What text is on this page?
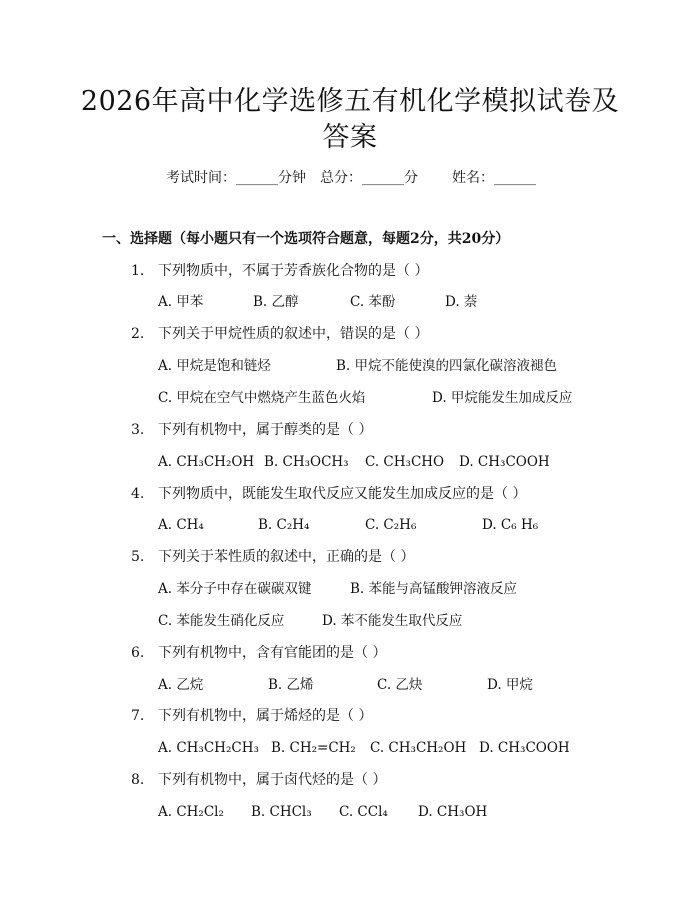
2026年高中化学选修五有机化学模拟试卷及
答案
考试时间：______分钟 总分：______分 姓名：______
一、选择题（每小题只有一个选项符合题意，每题2分，共20分）
1. 下列物质中，不属于芳香族化合物的是（ ）
A. 甲苯	B. 乙醇	C. 苯酚	D. 萘
2. 下列关于甲烷性质的叙述中，错误的是（ ）
A. 甲烷是饱和链烃	B. 甲烷不能使溴的四氯化碳溶液褪色
C. 甲烷在空气中燃烧产生蓝色火焰	D. 甲烷能发生加成反应
3. 下列有机物中，属于醇类的是（ ）
A. CH₃CH₂OH B. CH₃OCH₃ C. CH₃CHO D. CH₃COOH
4. 下列物质中，既能发生取代反应又能发生加成反应的是（ ）
A. CH₄	B. C₂H₄	C. C₂H₆	D. C₆ H₆
5. 下列关于苯性质的叙述中，正确的是（ ）
A. 苯分子中存在碳碳双键	B. 苯能与高锰酸钾溶液反应
C. 苯能发生硝化反应	D. 苯不能发生取代反应
6. 下列有机物中，含有官能团的是（ ）
A. 乙烷	B. 乙烯	C. 乙炔	D. 甲烷
7. 下列有机物中，属于烯烃的是（ ）
A. CH₃CH₂CH₃ B. CH₂=CH₂ C. CH₃CH₂OH D. CH₃COOH
8. 下列有机物中，属于卤代烃的是（ ）
A. CH₂Cl₂ B. CHCl₃ C. CCl₄ D. CH₃OH
